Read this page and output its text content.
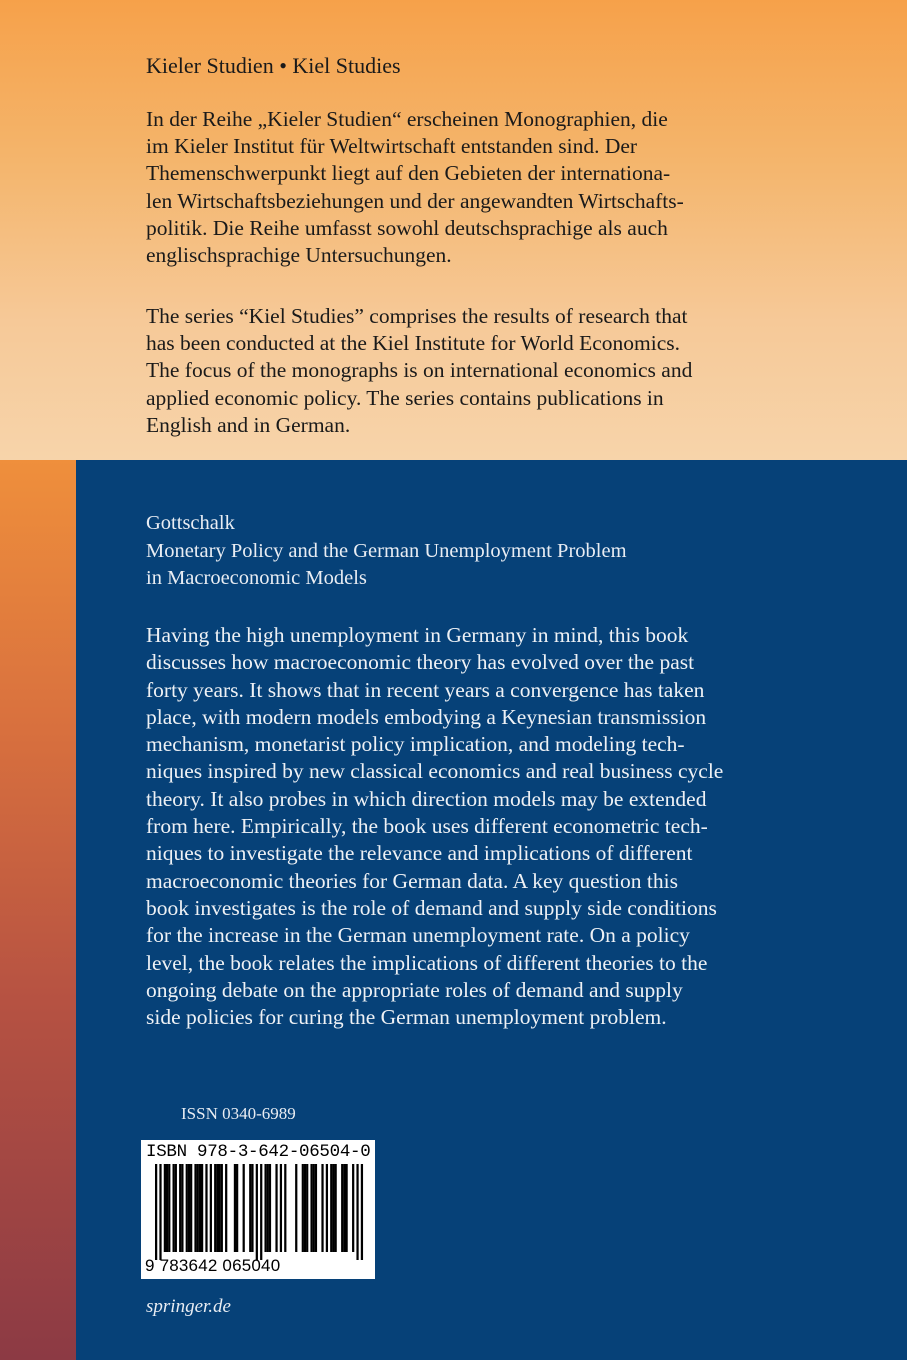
Kieler Studien • Kiel Studies
In der Reihe „Kieler Studien“ erscheinen Monographien, die
im Kieler Institut für Weltwirtschaft entstanden sind. Der
Themenschwerpunkt liegt auf den Gebieten der internationa-
len Wirtschaftsbeziehungen und der angewandten Wirtschafts-
politik. Die Reihe umfasst sowohl deutschsprachige als auch
englischsprachige Untersuchungen.
The series “Kiel Studies” comprises the results of research that
has been conducted at the Kiel Institute for World Economics.
The focus of the monographs is on international economics and
applied economic policy. The series contains publications in
English and in German.
Gottschalk
Monetary Policy and the German Unemployment Problem
in Macroeconomic Models
Having the high unemployment in Germany in mind, this book
discusses how macroeconomic theory has evolved over the past
forty years. It shows that in recent years a convergence has taken
place, with modern models embodying a Keynesian transmission
mechanism, monetarist policy implication, and modeling tech-
niques inspired by new classical economics and real business cycle
theory. It also probes in which direction models may be extended
from here. Empirically, the book uses different econometric tech-
niques to investigate the relevance and implications of different
macroeconomic theories for German data. A key question this
book investigates is the role of demand and supply side conditions
for the increase in the German unemployment rate. On a policy
level, the book relates the implications of different theories to the
ongoing debate on the appropriate roles of demand and supply
side policies for curing the German unemployment problem.
ISSN 0340-6989
ISBN 978-3-642-06504-0
9 783642 065040
springer.de
